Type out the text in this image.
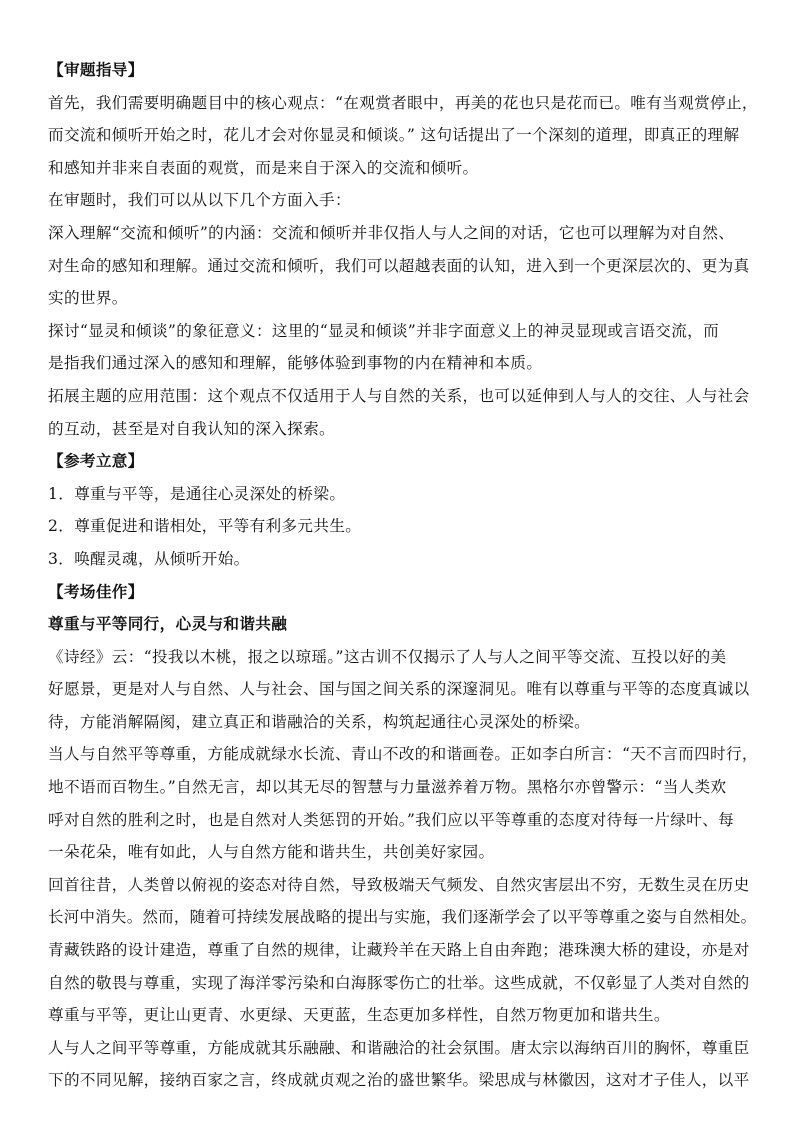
【审题指导】
首先，我们需要明确题目中的核心观点：“在观赏者眼中，再美的花也只是花而已。唯有当观赏停止，
而交流和倾听开始之时，花儿才会对你显灵和倾谈。” 这句话提出了一个深刻的道理，即真正的理解
和感知并非来自表面的观赏，而是来自于深入的交流和倾听。
在审题时，我们可以从以下几个方面入手：
深入理解“交流和倾听”的内涵：交流和倾听并非仅指人与人之间的对话，它也可以理解为对自然、
对生命的感知和理解。通过交流和倾听，我们可以超越表面的认知，进入到一个更深层次的、更为真
实的世界。
探讨“显灵和倾谈”的象征意义：这里的“显灵和倾谈”并非字面意义上的神灵显现或言语交流，而
是指我们通过深入的感知和理解，能够体验到事物的内在精神和本质。
拓展主题的应用范围：这个观点不仅适用于人与自然的关系，也可以延伸到人与人的交往、人与社会
的互动，甚至是对自我认知的深入探索。
【参考立意】
1．尊重与平等，是通往心灵深处的桥梁。
2．尊重促进和谐相处，平等有利多元共生。
3．唤醒灵魂，从倾听开始。
【考场佳作】
尊重与平等同行，心灵与和谐共融
《诗经》云：“投我以木桃，报之以琼瑶。”这古训不仅揭示了人与人之间平等交流、互投以好的美
好愿景，更是对人与自然、人与社会、国与国之间关系的深邃洞见。唯有以尊重与平等的态度真诚以
待，方能消解隔阂，建立真正和谐融洽的关系，构筑起通往心灵深处的桥梁。
当人与自然平等尊重，方能成就绿水长流、青山不改的和谐画卷。正如李白所言：“天不言而四时行，
地不语而百物生。”自然无言，却以其无尽的智慧与力量滋养着万物。黑格尔亦曾警示：“当人类欢
呼对自然的胜利之时，也是自然对人类惩罚的开始。”我们应以平等尊重的态度对待每一片绿叶、每
一朵花朵，唯有如此，人与自然方能和谐共生，共创美好家园。
回首往昔，人类曾以俯视的姿态对待自然，导致极端天气频发、自然灾害层出不穷，无数生灵在历史
长河中消失。然而，随着可持续发展战略的提出与实施，我们逐渐学会了以平等尊重之姿与自然相处。
青藏铁路的设计建造，尊重了自然的规律，让藏羚羊在天路上自由奔跑；港珠澳大桥的建设，亦是对
自然的敬畏与尊重，实现了海洋零污染和白海豚零伤亡的壮举。这些成就，不仅彰显了人类对自然的
尊重与平等，更让山更青、水更绿、天更蓝，生态更加多样性，自然万物更加和谐共生。
人与人之间平等尊重，方能成就其乐融融、和谐融洽的社会氛围。唐太宗以海纳百川的胸怀，尊重臣
下的不同见解，接纳百家之言，终成就贞观之治的盛世繁华。梁思成与林徽因，这对才子佳人，以平
